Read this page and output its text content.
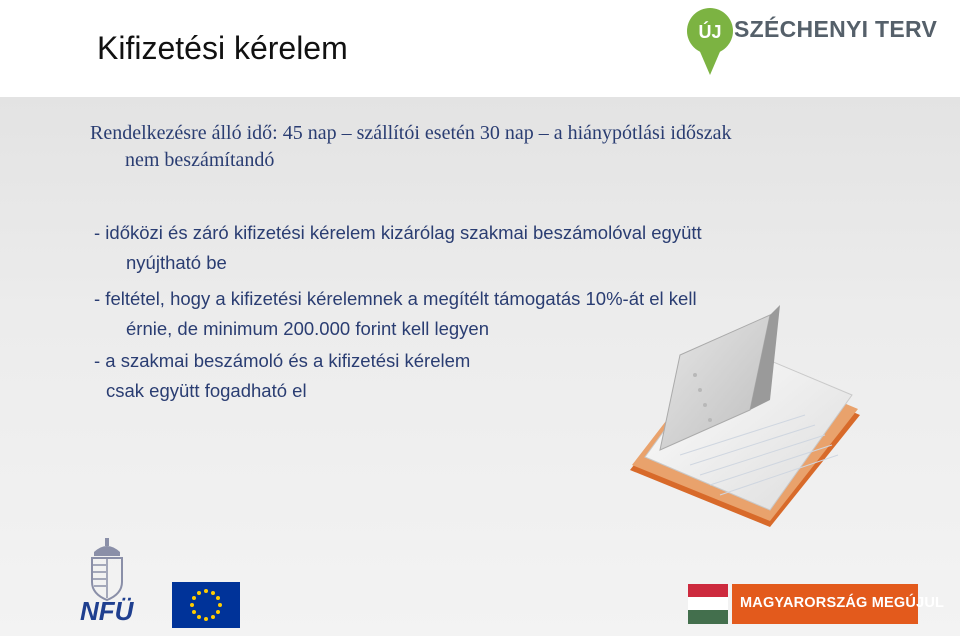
Kifizetési kérelem	ÚJ SZÉCHENYI TERV
Rendelkezésre álló idő: 45 nap – szállítói esetén 30 nap – a hiánypótlási időszak
nem beszámítandó
- időközi és záró kifizetési kérelem kizárólag szakmai beszámolóval együtt
nyújtható be
- feltétel, hogy a kifizetési kérelemnek a megítélt támogatás 10%-át el kell
érnie, de minimum 200.000 forint kell legyen
- a szakmai beszámoló és a kifizetési kérelem
csak együtt fogadható el
NFÜ	MAGYARORSZÁG MEGÚJUL
